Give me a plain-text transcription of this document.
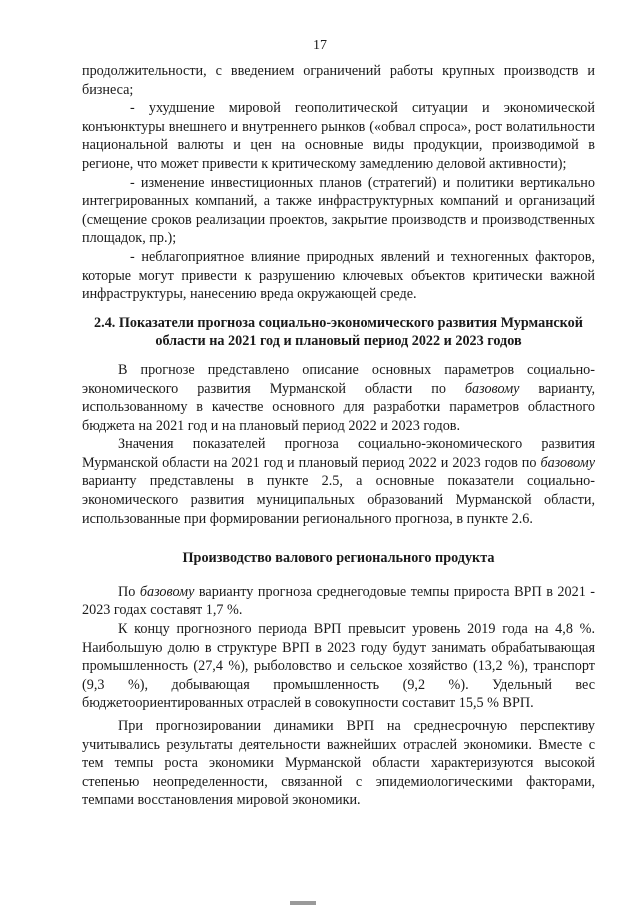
17

продолжительности, с введением ограничений работы крупных производств и бизнеса;

- ухудшение мировой геополитической ситуации и экономической конъюнктуры внешнего и внутреннего рынков («обвал спроса», рост волатильности национальной валюты и цен на основные виды продукции, производимой в регионе, что может привести к критическому замедлению деловой активности);

- изменение инвестиционных планов (стратегий) и политики вертикально интегрированных компаний, а также инфраструктурных компаний и организаций (смещение сроков реализации проектов, закрытие производств и производственных площадок, пр.);

- неблагоприятное влияние природных явлений и техногенных факторов, которые могут привести к разрушению ключевых объектов критически важной инфраструктуры, нанесению вреда окружающей среде.

2.4. Показатели прогноза социально-экономического развития Мурманской области на 2021 год и плановый период 2022 и 2023 годов

В прогнозе представлено описание основных параметров социально-экономического развития Мурманской области по базовому варианту, использованному в качестве основного для разработки параметров областного бюджета на 2021 год и на плановый период 2022 и 2023 годов.

Значения показателей прогноза социально-экономического развития Мурманской области на 2021 год и плановый период 2022 и 2023 годов по базовому варианту представлены в пункте 2.5, а основные показатели социально-экономического развития муниципальных образований Мурманской области, использованные при формировании регионального прогноза, в пункте 2.6.

Производство валового регионального продукта

По базовому варианту прогноза среднегодовые темпы прироста ВРП в 2021 - 2023 годах составят 1,7 %.

К концу прогнозного периода ВРП превысит уровень 2019 года на 4,8 %. Наибольшую долю в структуре ВРП в 2023 году будут занимать обрабатывающая промышленность (27,4 %), рыболовство и сельское хозяйство (13,2 %), транспорт (9,3 %), добывающая промышленность (9,2 %). Удельный вес бюджетоориентированных отраслей в совокупности составит 15,5 % ВРП.

При прогнозировании динамики ВРП на среднесрочную перспективу учитывались результаты деятельности важнейших отраслей экономики. Вместе с тем темпы роста экономики Мурманской области характеризуются высокой степенью неопределенности, связанной с эпидемиологическими факторами, темпами восстановления мировой экономики.
